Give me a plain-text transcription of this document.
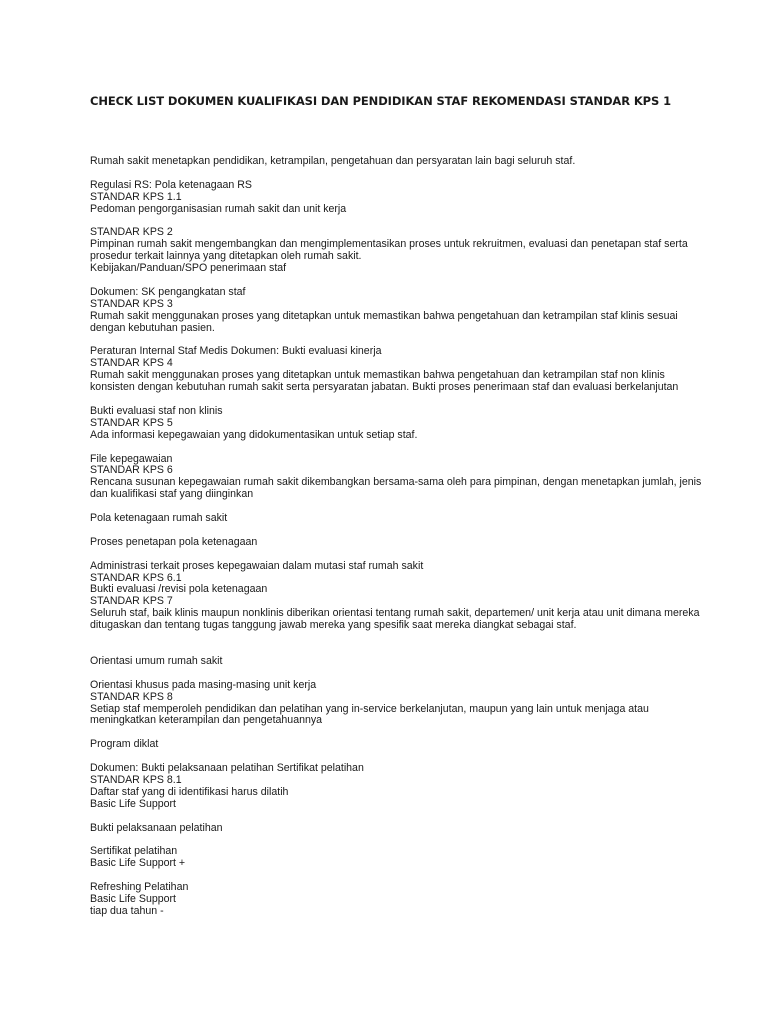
CHECK LIST DOKUMEN KUALIFIKASI DAN PENDIDIKAN STAF REKOMENDASI STANDAR KPS 1
Rumah sakit menetapkan pendidikan, ketrampilan, pengetahuan dan persyaratan lain bagi seluruh staf.
Regulasi RS: Pola ketenagaan RS
STANDAR KPS 1.1
Pedoman pengorganisasian rumah sakit dan unit kerja
STANDAR KPS 2
Pimpinan rumah sakit mengembangkan dan mengimplementasikan proses untuk rekruitmen, evaluasi dan penetapan staf serta
prosedur terkait lainnya yang ditetapkan oleh rumah sakit.
Kebijakan/Panduan/SPO penerimaan staf
Dokumen: SK pengangkatan staf
STANDAR KPS 3
Rumah sakit menggunakan proses yang ditetapkan untuk memastikan bahwa pengetahuan dan ketrampilan staf klinis sesuai
dengan kebutuhan pasien.
Peraturan Internal Staf Medis Dokumen: Bukti evaluasi kinerja
STANDAR KPS 4
Rumah sakit menggunakan proses yang ditetapkan untuk memastikan bahwa pengetahuan dan ketrampilan staf non klinis
konsisten dengan kebutuhan rumah sakit serta persyaratan jabatan. Bukti proses penerimaan staf dan evaluasi berkelanjutan
Bukti evaluasi staf non klinis
STANDAR KPS 5
Ada informasi kepegawaian yang didokumentasikan untuk setiap staf.
File kepegawaian
STANDAR KPS 6
Rencana susunan kepegawaian rumah sakit dikembangkan bersama-sama oleh para pimpinan, dengan menetapkan jumlah, jenis
dan kualifikasi staf yang diinginkan
Pola ketenagaan rumah sakit
Proses penetapan pola ketenagaan
Administrasi terkait proses kepegawaian dalam mutasi staf rumah sakit
STANDAR KPS 6.1
Bukti evaluasi /revisi pola ketenagaan
STANDAR KPS 7
Seluruh staf, baik klinis maupun nonklinis diberikan orientasi tentang rumah sakit, departemen/ unit kerja atau unit dimana mereka
ditugaskan dan tentang tugas tanggung jawab mereka yang spesifik saat mereka diangkat sebagai staf.
Orientasi umum rumah sakit
Orientasi khusus pada masing-masing unit kerja
STANDAR KPS 8
Setiap staf memperoleh pendidikan dan pelatihan yang in-service berkelanjutan, maupun yang lain untuk menjaga atau
meningkatkan keterampilan dan pengetahuannya
Program diklat
Dokumen: Bukti pelaksanaan pelatihan Sertifikat pelatihan
STANDAR KPS 8.1
Daftar staf yang di identifikasi harus dilatih
Basic Life Support
Bukti pelaksanaan pelatihan
Sertifikat pelatihan
Basic Life Support +
Refreshing Pelatihan
Basic Life Support
tiap dua tahun -
